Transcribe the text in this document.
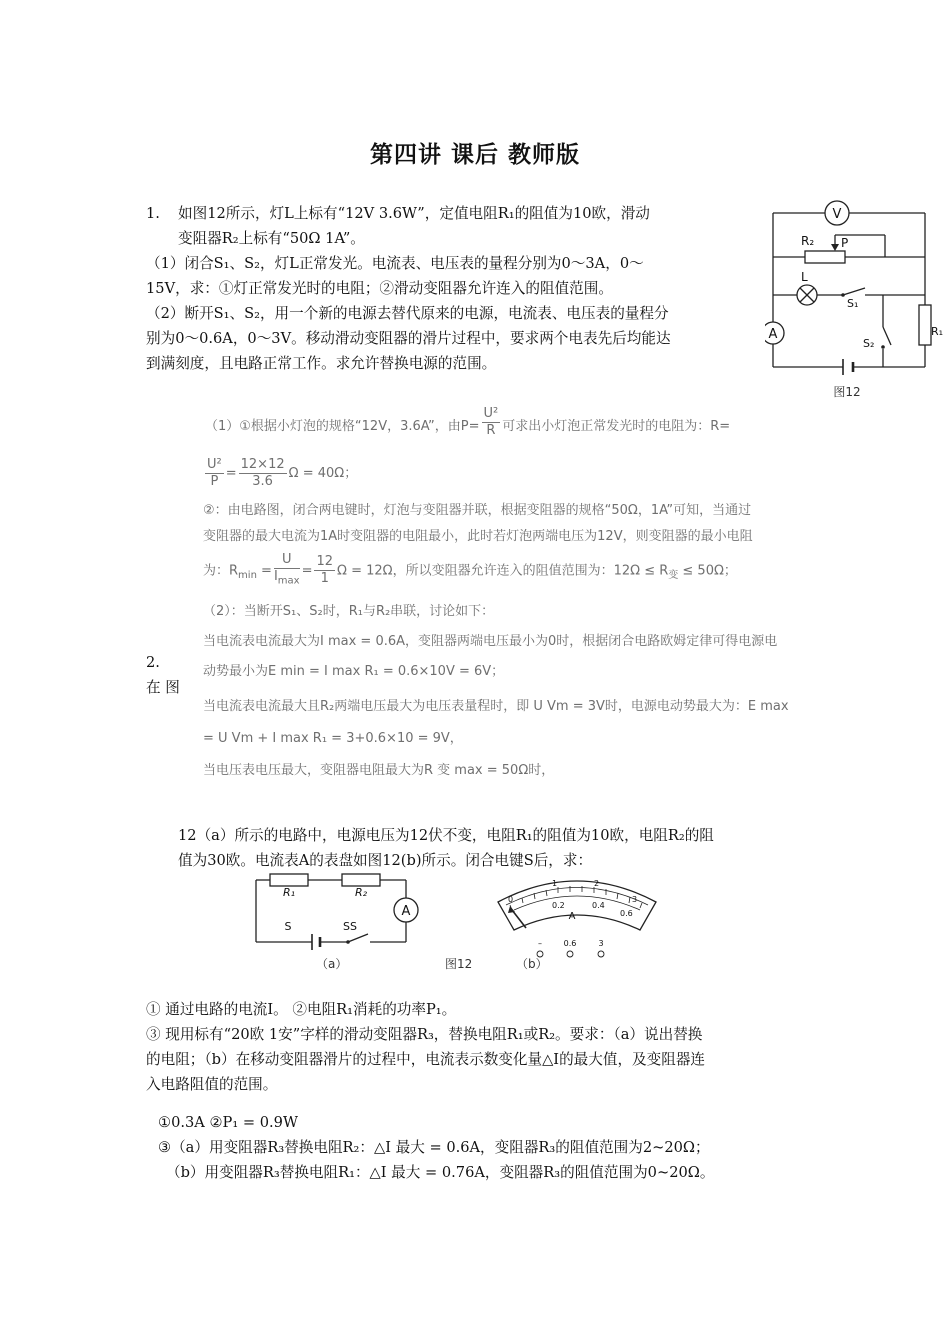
第四讲 课后 教师版
1. 如图12所示，灯L上标有“12V 3.6W”，定值电阻R₁的阻值为10欧，滑动
变阻器R₂上标有“50Ω 1A”。
（1）闭合S₁、S₂，灯L正常发光。电流表、电压表的量程分别为0～3A，0～
15V，求：①灯正常发光时的电阻；②滑动变阻器允许连入的阻值范围。
（2）断开S₁、S₂，用一个新的电源去替代原来的电源，电流表、电压表的量程分
别为0～0.6A，0～3V。移动滑动变阻器的滑片过程中，要求两个电表先后均能达
到满刻度，且电路正常工作。求允许替换电源的范围。
V
R₂ P
L
S₁
A
S₂
R₁
图12
（1）①根据小灯泡的规格“12V，3.6A”，由$P= \frac{\text{U²}}{R}$ 可求出小灯泡正常发光时的电阻为：R=
$\frac{\text{U²}}{P} = \frac{12\times 12}{3.6}$ Ω = 40Ω；
②：由电路图，闭合两电键时，灯泡与变阻器并联，根据变阻器的规格“50Ω，1A”可知，当通过
变阻器的最大电流为1A时变阻器的电阻最小，此时若灯泡两端电压为12V，则变阻器的最小电阻
为：$R_{min}$ =
U
$I_{max}$
= $\frac{12}{1}$ Ω = 12Ω，所以变阻器允许连入的阻值范围为：$12\Omega \le R_变 \le 50\Omega$；
（2）：当断开S₁、S₂时，R₁与R₂串联，讨论如下：
当电流表电流最大为I max = 0.6A，变阻器两端电压最小为0时，根据闭合电路欧姆定律可得电源电
动势最小为E min = I max R₁ = 0.6×10V = 6V；
当电流表电流最大且R₂两端电压最大为电压表量程时，即 U Vm = 3V时，电源电动势最大为：E max
= U Vm + I max R₁ = 3+0.6×10 = 9V，
当电压表电压最大，变阻器电阻最大为R 变 max = 50Ω时，
2.
在 图
12（a）所示的电路中，电源电压为12伏不变，电阻R₁的阻值为10欧，电阻R₂的阻
值为30欧。电流表A的表盘如图12(b)所示。闭合电键S后，求：
R₁	R₂
A
S	SS
0
1	2
3
0.2	0.4
0.6
A
–	0.6	3
（a）	图12	（b）
① 通过电路的电流I。 ②电阻R₁消耗的功率P₁。
③ 现用标有“20欧 1安”字样的滑动变阻器R₃，替换电阻R₁或R₂。要求：（a）说出替换
的电阻；（b）在移动变阻器滑片的过程中，电流表示数变化量△I的最大值，及变阻器连
入电路阻值的范围。
①0.3A ②P₁ = 0.9W
③（a）用变阻器R₃替换电阻R₂：△I 最大 = 0.6A，变阻器R₃的阻值范围为2~20Ω；
（b）用变阻器R₃替换电阻R₁：△I 最大 = 0.76A，变阻器R₃的阻值范围为0~20Ω。
